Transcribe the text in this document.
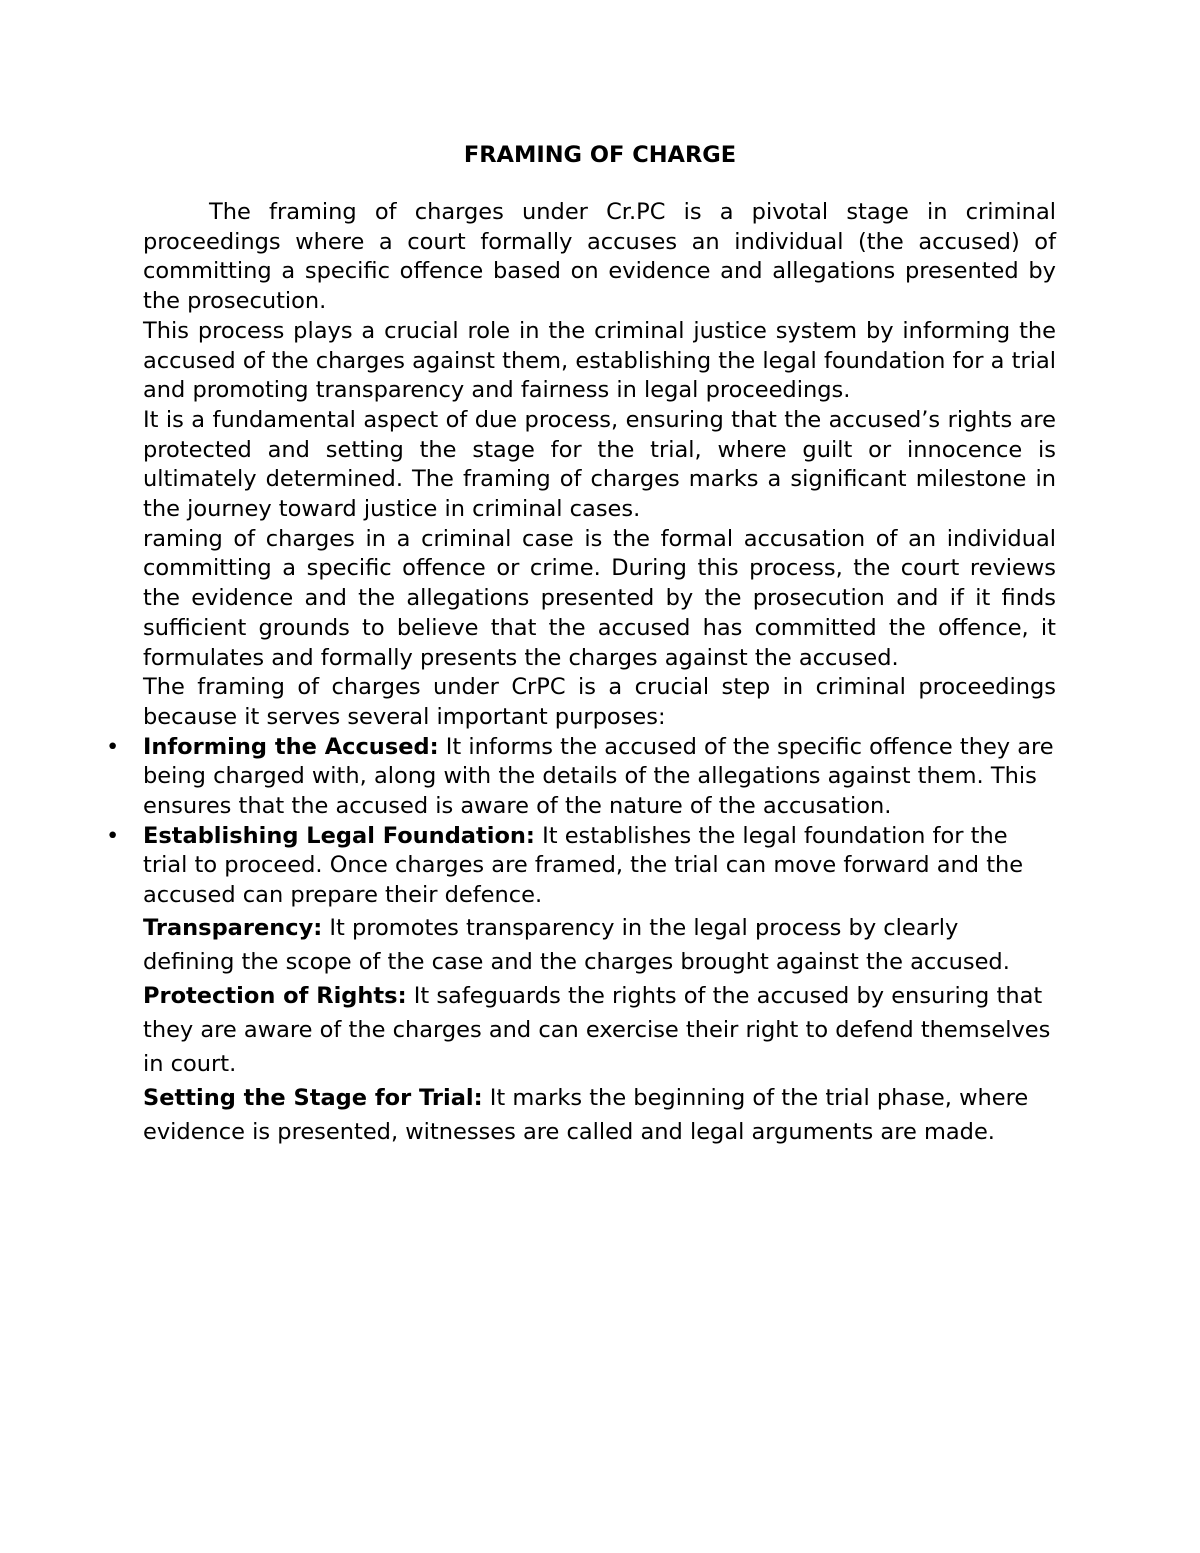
FRAMING OF CHARGE

The framing of charges under Cr.PC is a pivotal stage in criminal proceedings where a court formally accuses an individual (the accused) of committing a specific offence based on evidence and allegations presented by the prosecution.

This process plays a crucial role in the criminal justice system by informing the accused of the charges against them, establishing the legal foundation for a trial and promoting transparency and fairness in legal proceedings.

It is a fundamental aspect of due process, ensuring that the accused’s rights are protected and setting the stage for the trial, where guilt or innocence is ultimately determined. The framing of charges marks a significant milestone in the journey toward justice in criminal cases.

raming of charges in a criminal case is the formal accusation of an individual committing a specific offence or crime. During this process, the court reviews the evidence and the allegations presented by the prosecution and if it finds sufficient grounds to believe that the accused has committed the offence, it formulates and formally presents the charges against the accused.

The framing of charges under CrPC is a crucial step in criminal proceedings because it serves several important purposes:

• Informing the Accused: It informs the accused of the specific offence they are being charged with, along with the details of the allegations against them. This ensures that the accused is aware of the nature of the accusation.
• Establishing Legal Foundation: It establishes the legal foundation for the trial to proceed. Once charges are framed, the trial can move forward and the accused can prepare their defence.

Transparency: It promotes transparency in the legal process by clearly defining the scope of the case and the charges brought against the accused.

Protection of Rights: It safeguards the rights of the accused by ensuring that they are aware of the charges and can exercise their right to defend themselves in court.

Setting the Stage for Trial: It marks the beginning of the trial phase, where evidence is presented, witnesses are called and legal arguments are made.
